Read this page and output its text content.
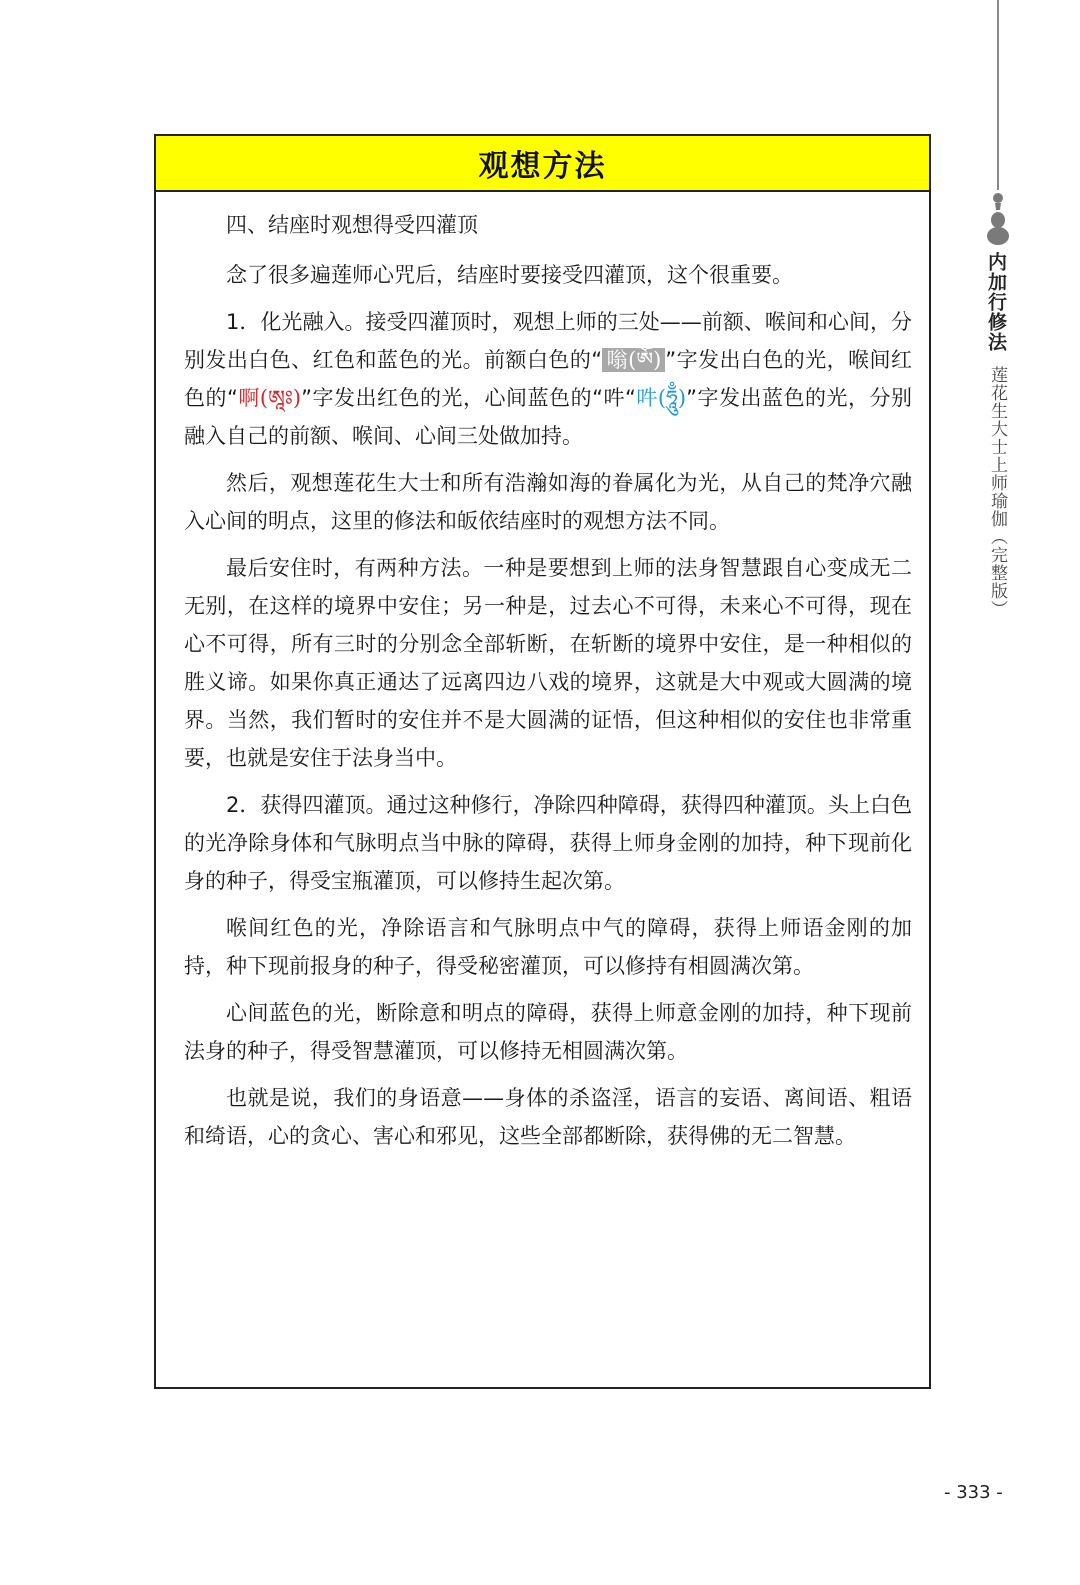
内加行修法
莲花生大士上师瑜伽（完整版）
观想方法

四、结座时观想得受四灌顶

念了很多遍莲师心咒后，结座时要接受四灌顶，这个很重要。

1．化光融入。接受四灌顶时，观想上师的三处——前额、喉间和心间，分别发出白色、红色和蓝色的光。前额白色的“ 嗡(ༀ) ”字发出白色的光，喉间红色的“啊(ཨཱཿ)”字发出红色的光，心间蓝色的“吽“吽(ཧཱུྃ)”字发出蓝色的光，分别融入自己的前额、喉间、心间三处做加持。

然后，观想莲花生大士和所有浩瀚如海的眷属化为光，从自己的梵净穴融入心间的明点，这里的修法和皈依结座时的观想方法不同。

最后安住时，有两种方法。一种是要想到上师的法身智慧跟自心变成无二无别，在这样的境界中安住；另一种是，过去心不可得，未来心不可得，现在心不可得，所有三时的分别念全部斩断，在斩断的境界中安住，是一种相似的胜义谛。如果你真正通达了远离四边八戏的境界，这就是大中观或大圆满的境界。当然，我们暂时的安住并不是大圆满的证悟，但这种相似的安住也非常重要，也就是安住于法身当中。

2．获得四灌顶。通过这种修行，净除四种障碍，获得四种灌顶。头上白色的光净除身体和气脉明点当中脉的障碍，获得上师身金刚的加持，种下现前化身的种子，得受宝瓶灌顶，可以修持生起次第。

喉间红色的光，净除语言和气脉明点中气的障碍，获得上师语金刚的加持，种下现前报身的种子，得受秘密灌顶，可以修持有相圆满次第。

心间蓝色的光，断除意和明点的障碍，获得上师意金刚的加持，种下现前法身的种子，得受智慧灌顶，可以修持无相圆满次第。

也就是说，我们的身语意——身体的杀盗淫，语言的妄语、离间语、粗语和绮语，心的贪心、害心和邪见，这些全部都断除，获得佛的无二智慧。

- 333 -
